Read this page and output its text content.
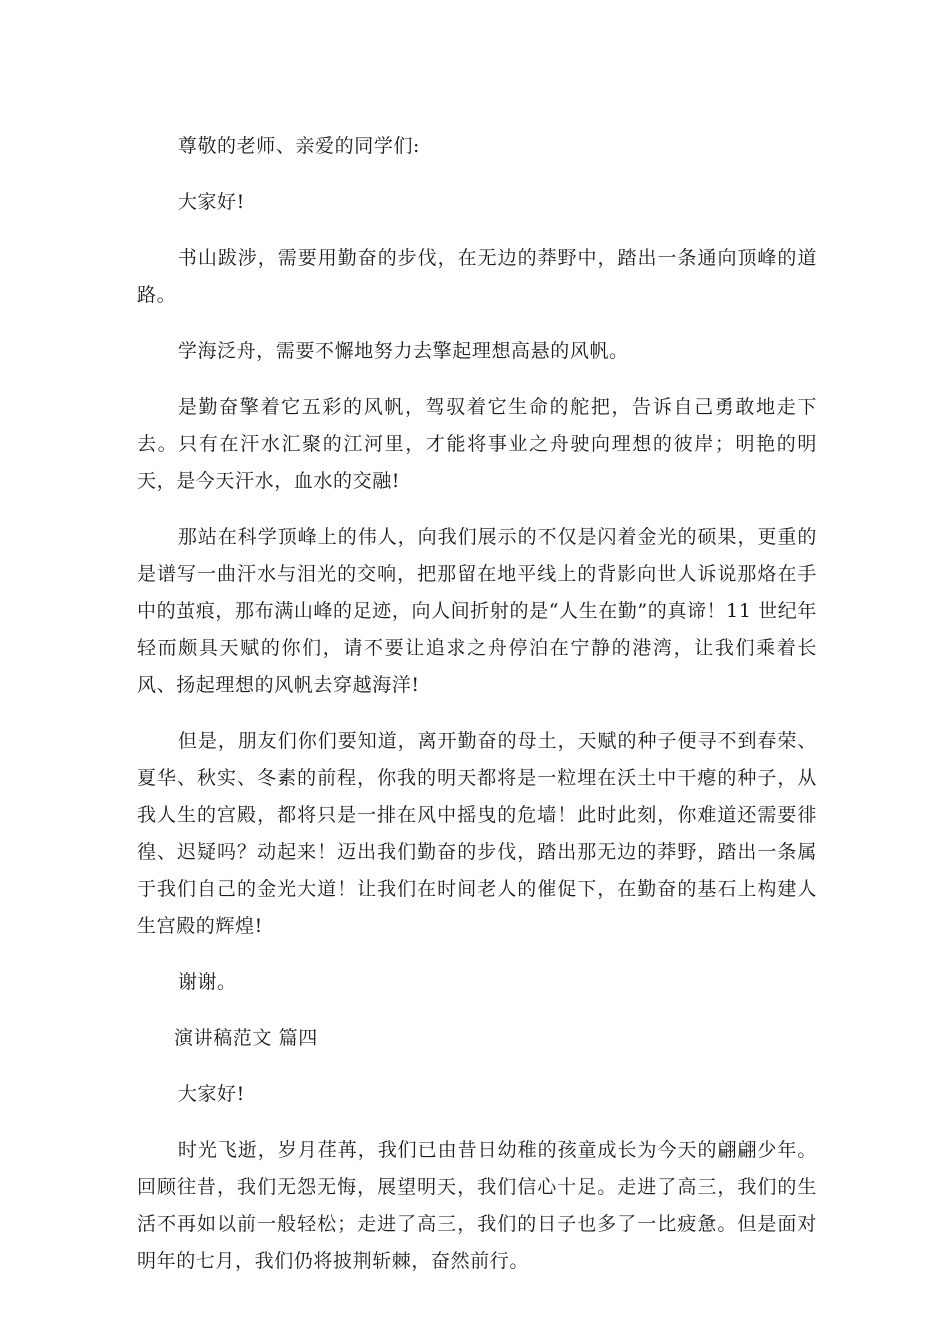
尊敬的老师、亲爱的同学们:

大家好!

书山跋涉，需要用勤奋的步伐，在无边的莽野中，踏出一条通向顶峰的道路。

学海泛舟，需要不懈地努力去擎起理想高悬的风帆。

是勤奋擎着它五彩的风帆，驾驭着它生命的舵把，告诉自己勇敢地走下去。只有在汗水汇聚的江河里，才能将事业之舟驶向理想的彼岸；明艳的明天，是今天汗水，血水的交融!

那站在科学顶峰上的伟人，向我们展示的不仅是闪着金光的硕果，更重的是谱写一曲汗水与泪光的交响，把那留在地平线上的背影向世人诉说那烙在手中的茧痕，那布满山峰的足迹，向人间折射的是“人生在勤”的真谛！11 世纪年轻而颇具天赋的你们，请不要让追求之舟停泊在宁静的港湾，让我们乘着长风、扬起理想的风帆去穿越海洋!

但是，朋友们你们要知道，离开勤奋的母土，天赋的种子便寻不到春荣、夏华、秋实、冬素的前程，你我的明天都将是一粒埋在沃土中干瘪的种子，从我人生的宫殿，都将只是一排在风中摇曳的危墙！此时此刻，你难道还需要徘徨、迟疑吗？动起来！迈出我们勤奋的步伐，踏出那无边的莽野，踏出一条属于我们自己的金光大道！让我们在时间老人的催促下，在勤奋的基石上构建人生宫殿的辉煌!

谢谢。

演讲稿范文 篇四

大家好!

时光飞逝，岁月荏苒，我们已由昔日幼稚的孩童成长为今天的翩翩少年。回顾往昔，我们无怨无悔，展望明天，我们信心十足。走进了高三，我们的生活不再如以前一般轻松；走进了高三，我们的日子也多了一比疲惫。但是面对明年的七月，我们仍将披荆斩棘，奋然前行。
